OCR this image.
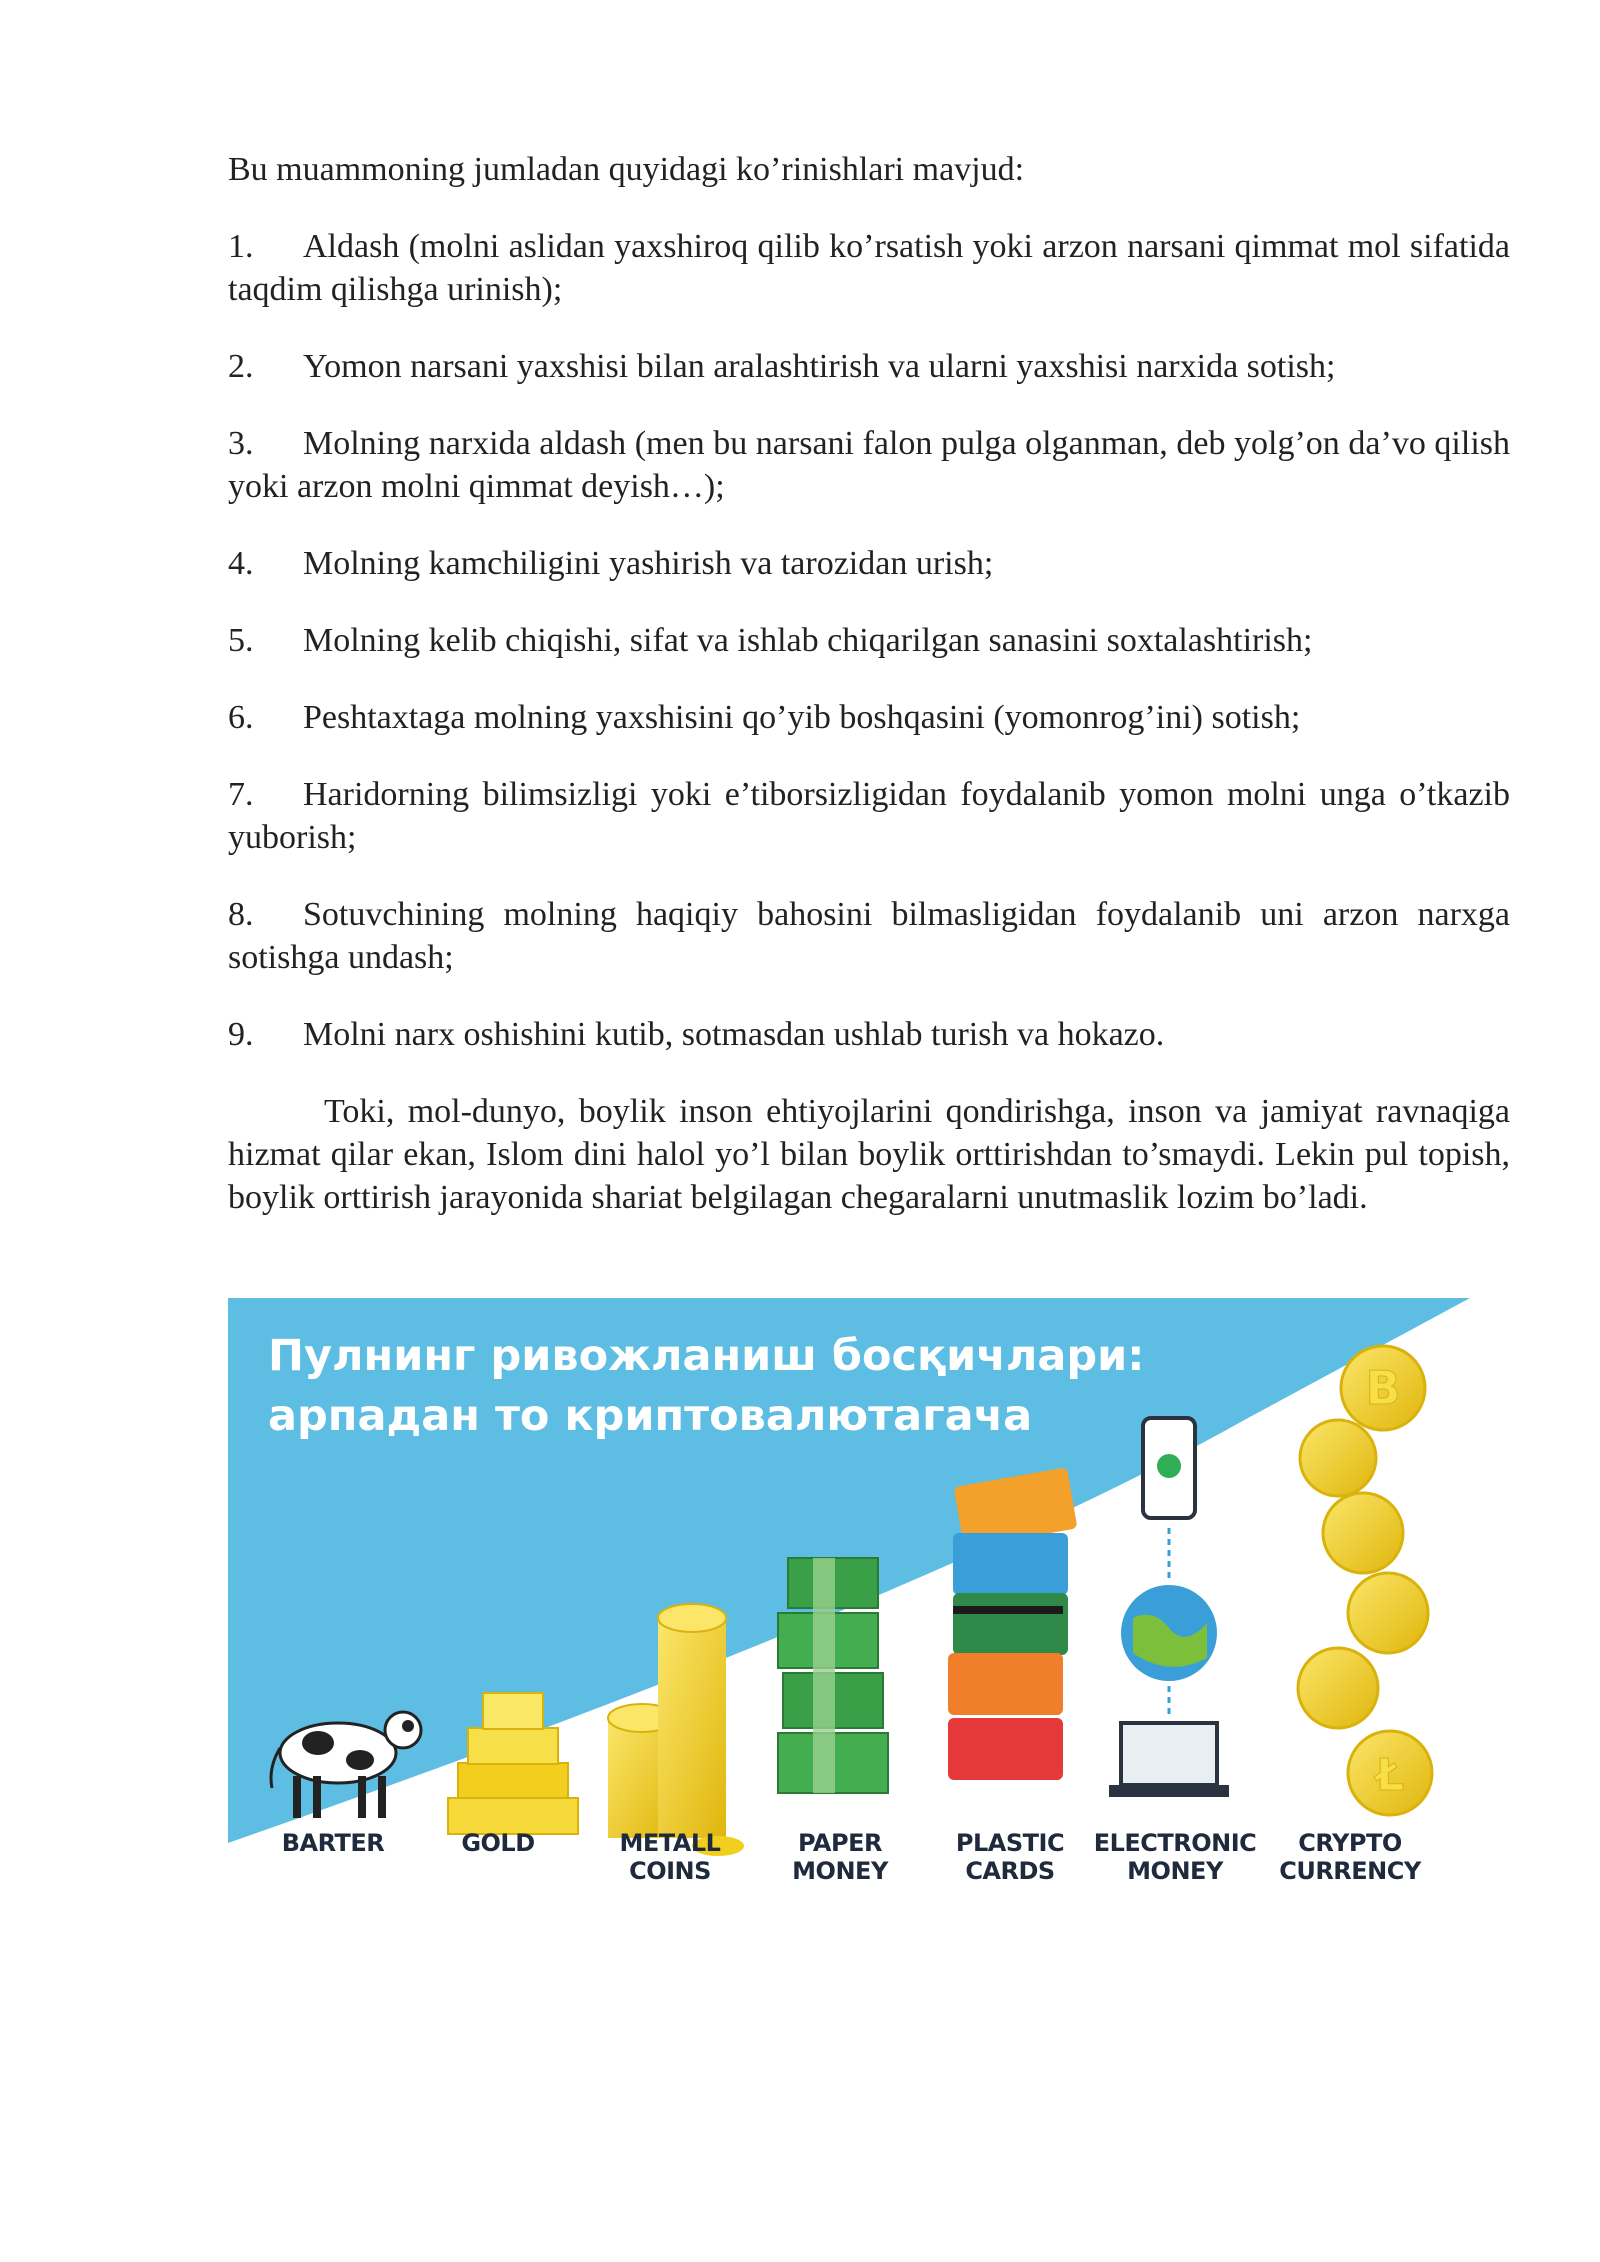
Bu muammoning jumladan quyidagi ko’rinishlari mavjud:

1. Aldash (molni aslidan yaxshiroq qilib ko’rsatish yoki arzon narsani qimmat mol sifatida taqdim qilishga urinish);

2. Yomon narsani yaxshisi bilan aralashtirish va ularni yaxshisi narxida sotish;

3. Molning narxida aldash (men bu narsani falon pulga olganman, deb yolg’on da’vo qilish yoki arzon molni qimmat deyish…);

4. Molning kamchiligini yashirish va tarozidan urish;

5. Molning kelib chiqishi, sifat va ishlab chiqarilgan sanasini soxtalashtirish;

6. Peshtaxtaga molning yaxshisini qo’yib boshqasini (yomonrog’ini) sotish;

7. Haridorning bilimsizligi yoki e’tiborsizligidan foydalanib yomon molni unga o’tkazib yuborish;

8. Sotuvchining molning haqiqiy bahosini bilmasligidan foydalanib uni arzon narxga sotishga undash;

9. Molni narx oshishini kutib, sotmasdan ushlab turish va hokazo.

Toki, mol-dunyo, boylik inson ehtiyojlarini qondirishga, inson va jamiyat ravnaqiga hizmat qilar ekan, Islom dini halol yo’l bilan boylik orttirishdan to’smaydi. Lekin pul topish, boylik orttirish jarayonida shariat belgilagan chegaralarni unutmaslik lozim bo’ladi.

Пулнинг ривожланиш босқичлари:
арпадан то криптовалютагача
B
Ł
BARTER	GOLD	METALL
COINS
PAPER
MONEY
PLASTIC
CARDS
ELECTRONIC
MONEY
CRYPTO
CURRENCY
